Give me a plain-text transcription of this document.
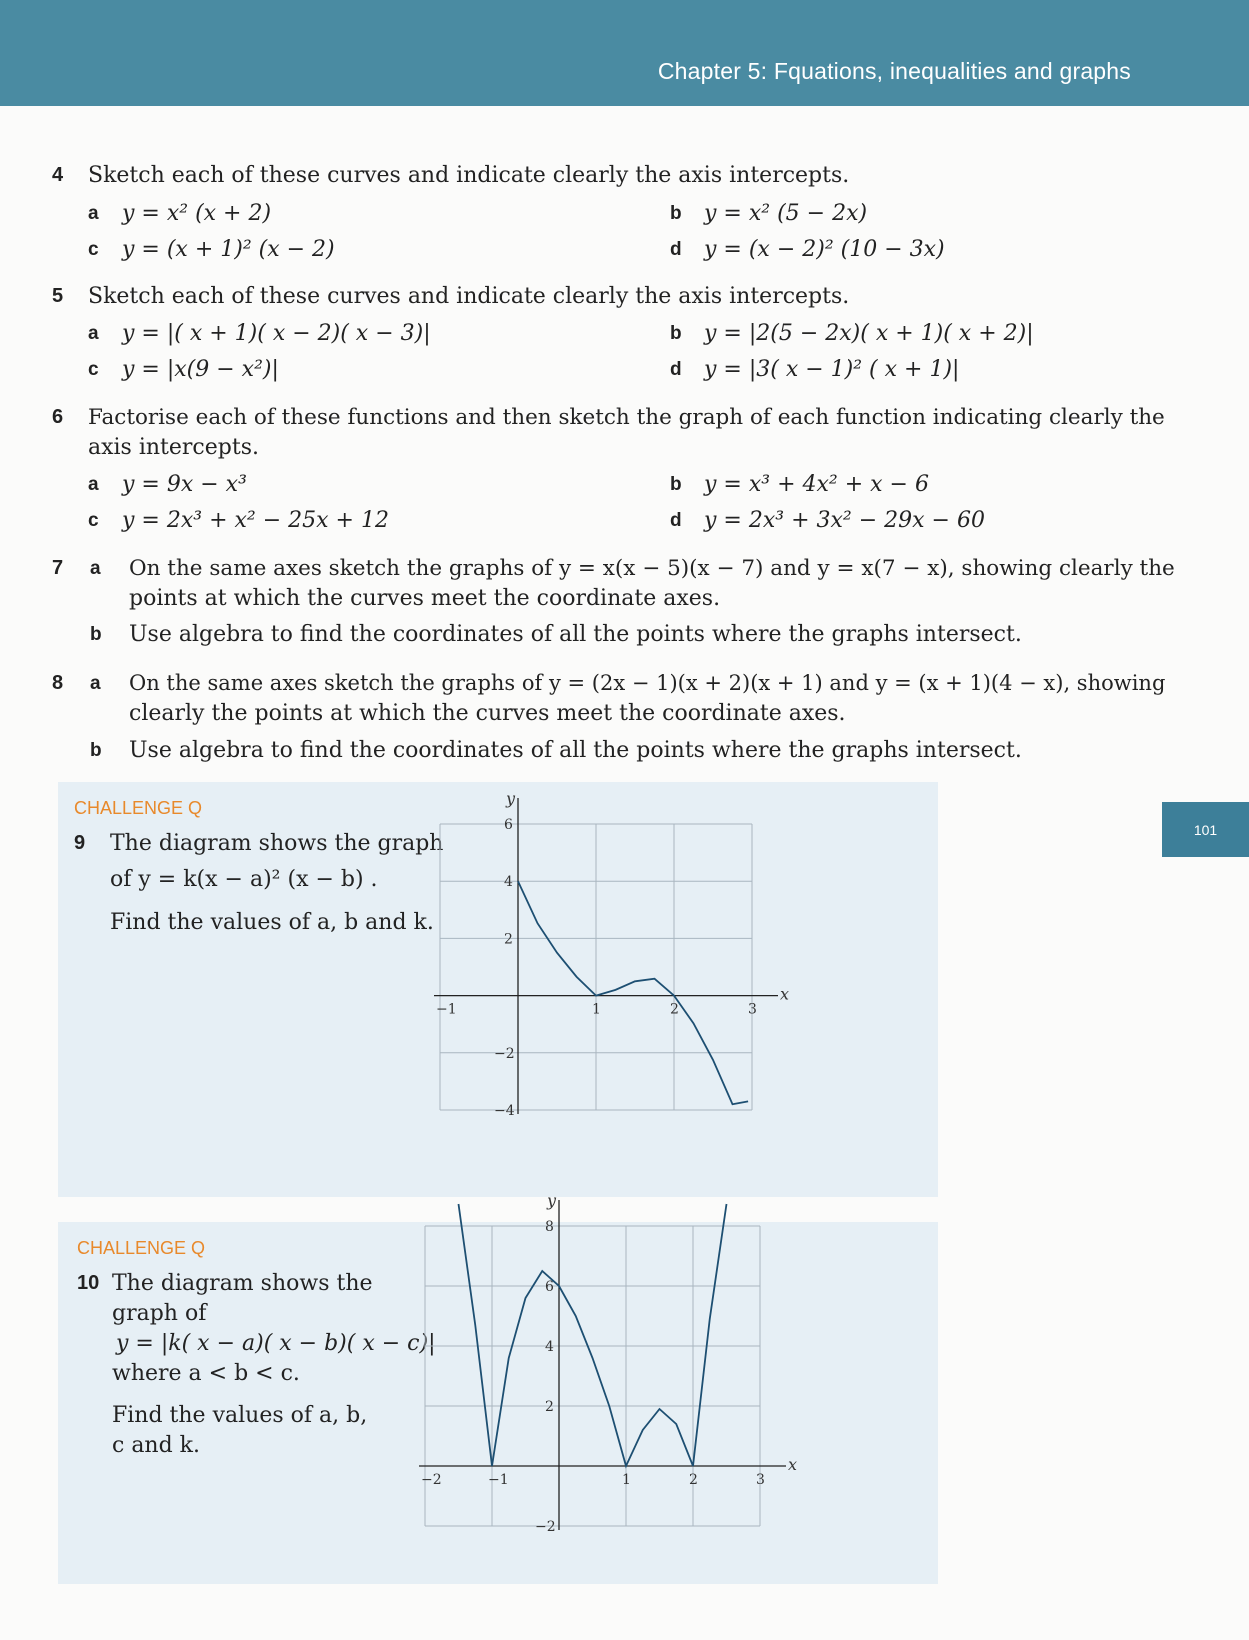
Chapter 5: Fquations, inequalities and graphs
101
4 Sketch each of these curves and indicate clearly the axis intercepts.
a y = x² (x + 2)	b y = x² (5 − 2x)
c y = (x + 1)² (x − 2)	d y = (x − 2)² (10 − 3x)
5 Sketch each of these curves and indicate clearly the axis intercepts.
a y = |( x + 1)( x − 2)( x − 3)|	b y = |2(5 − 2x)( x + 1)( x + 2)|
c y = |x(9 − x²)|	d y = |3( x − 1)² ( x + 1)|
6 Factorise each of these functions and then sketch the graph of each function indicating clearly the
axis intercepts.
a y = 9x − x³	b y = x³ + 4x² + x − 6
c y = 2x³ + x² − 25x + 12	d y = 2x³ + 3x² − 29x − 60
7 a On the same axes sketch the graphs of y = x(x − 5)(x − 7) and y = x(7 − x), showing clearly the
points at which the curves meet the coordinate axes.
b Use algebra to find the coordinates of all the points where the graphs intersect.
8 a On the same axes sketch the graphs of y = (2x − 1)(x + 2)(x + 1) and y = (x + 1)(4 − x), showing
clearly the points at which the curves meet the coordinate axes.
b Use algebra to find the coordinates of all the points where the graphs intersect.
CHALLENGE Q
9 The diagram shows the graph
of y = k(x − a)² (x − b) .
Find the values of a, b and k.
−1	1	2	3
6
4
2
−2
−4
x
y
CHALLENGE Q
10 The diagram shows the
graph of
y = |k( x − a)( x − b)( x − c)|
where a < b < c.
Find the values of a, b,
c and k.
−2	−1	1	2	3
8
6
4
2
−2
x
y
